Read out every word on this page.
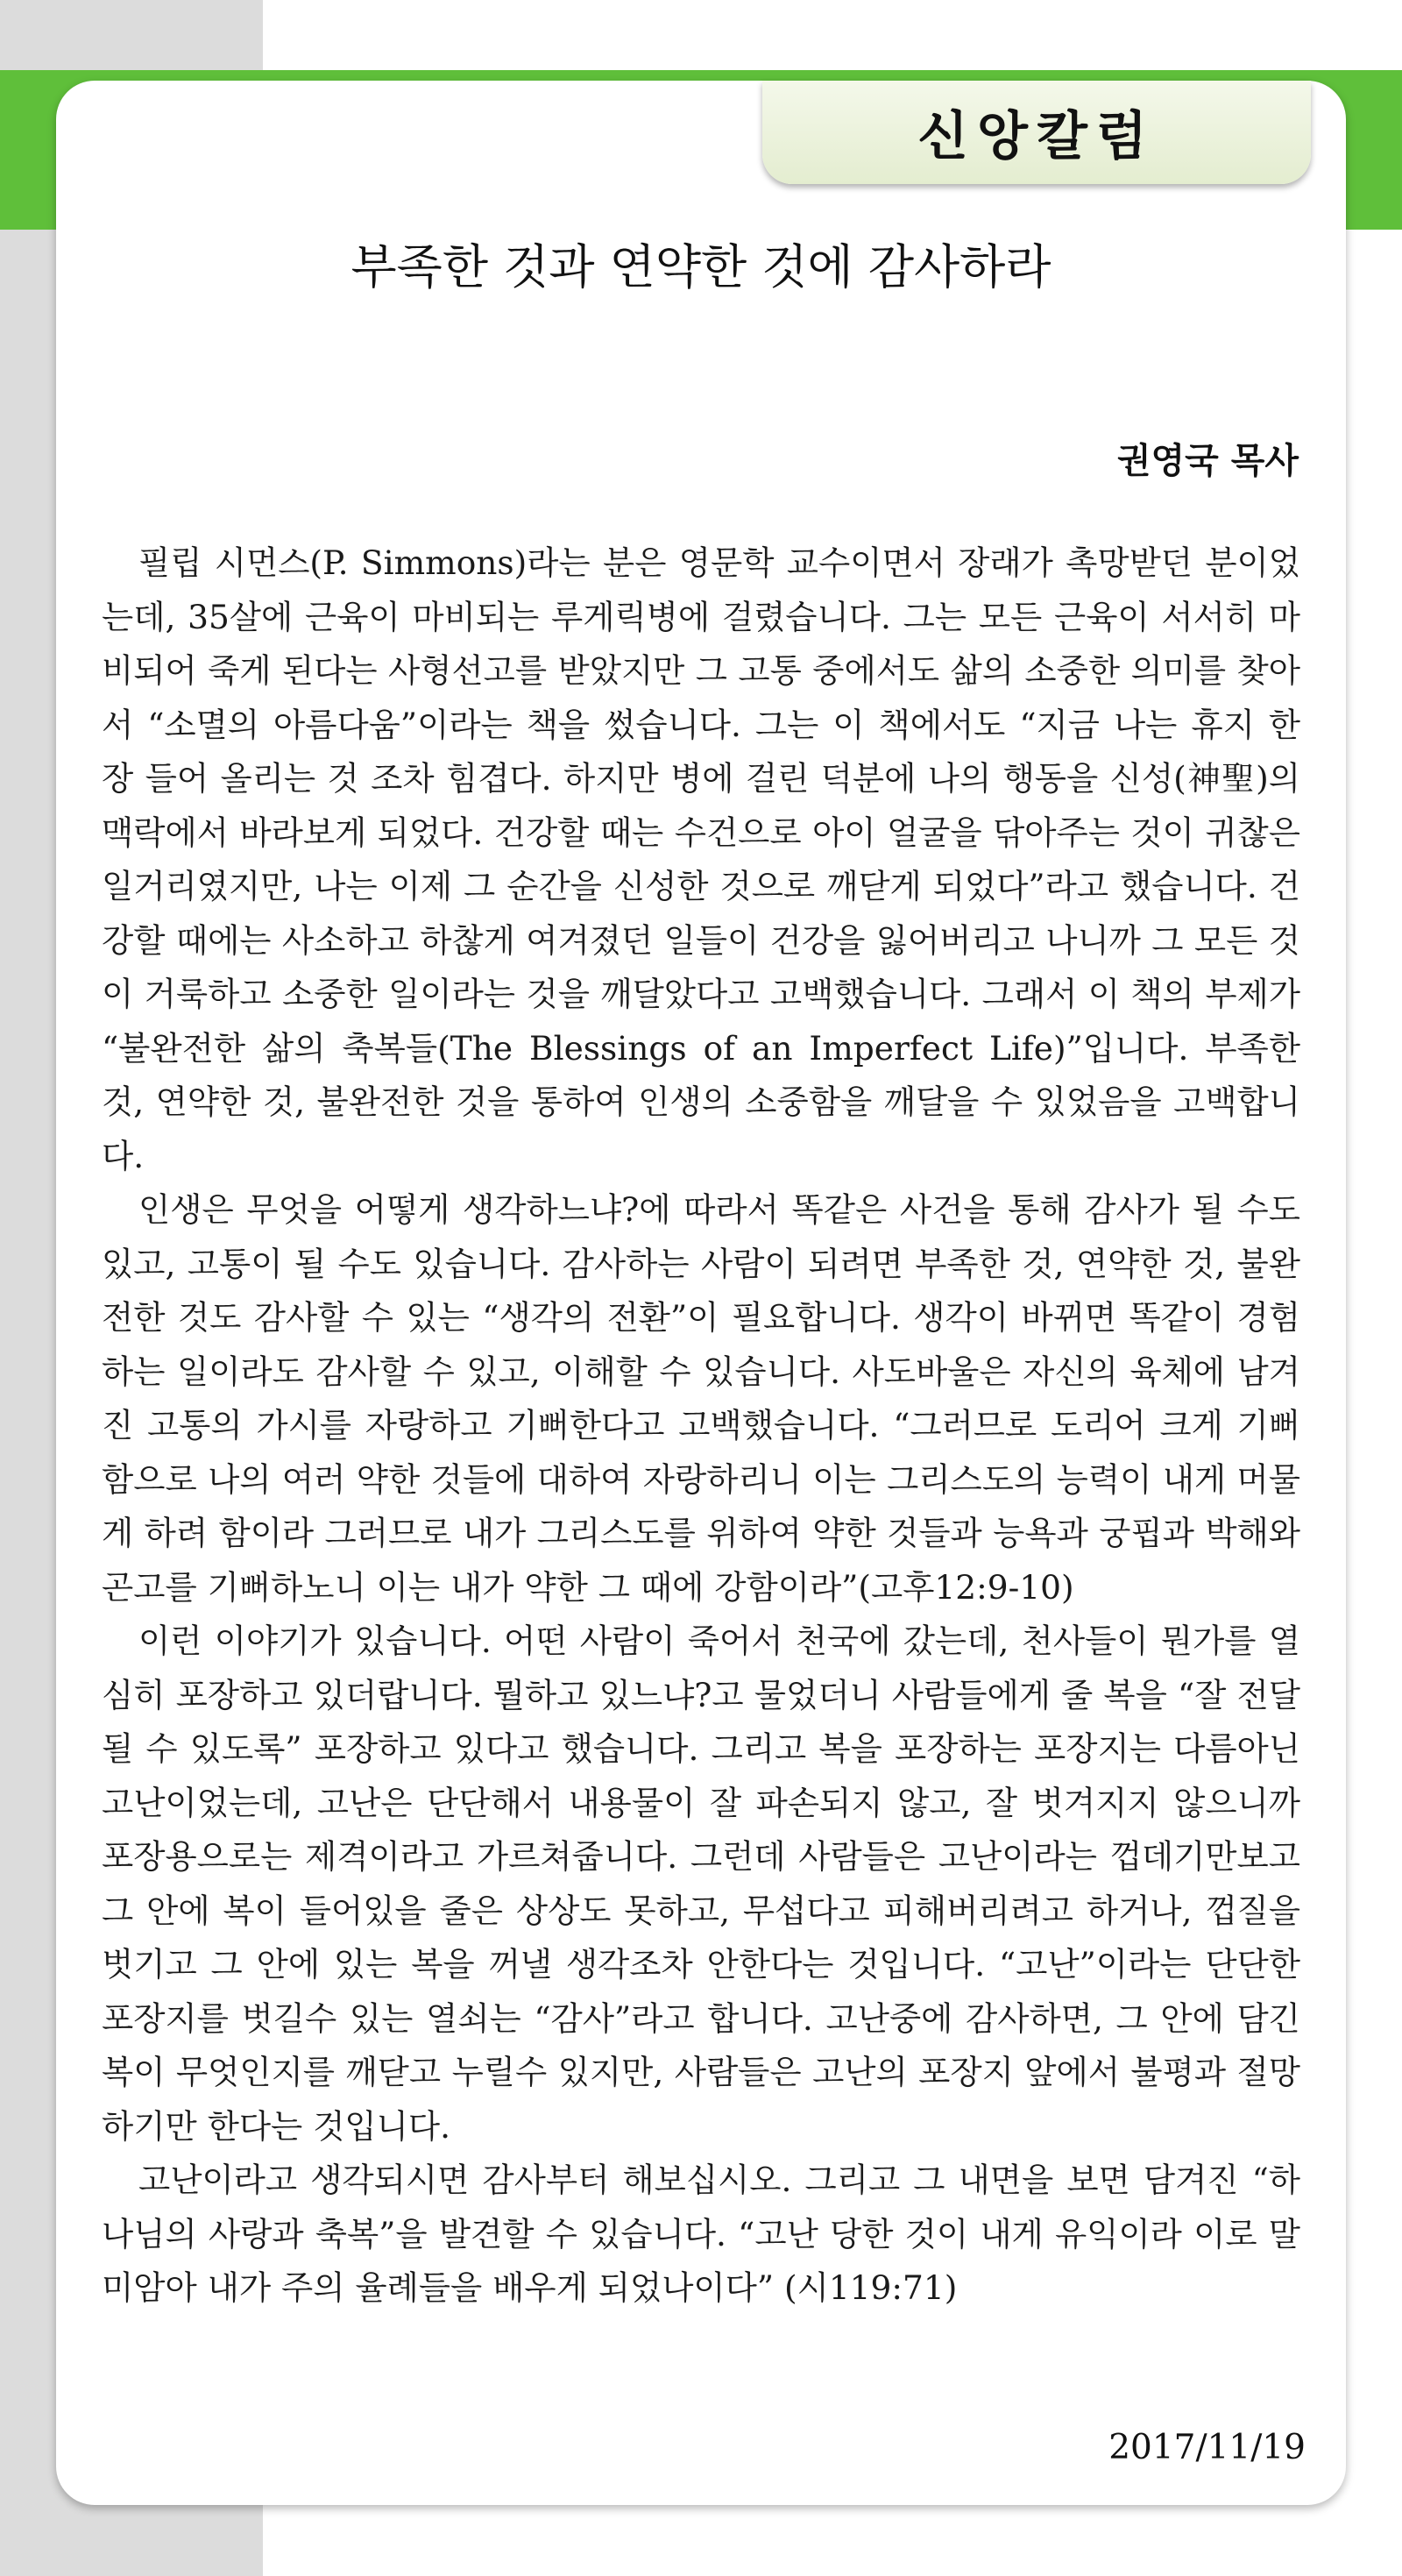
신앙칼럼
부족한 것과 연약한 것에 감사하라
권영국 목사

필립 시먼스(P. Simmons)라는 분은 영문학 교수이면서 장래가 촉망받던 분이었는데, 35살에 근육이 마비되는 루게릭병에 걸렸습니다. 그는 모든 근육이 서서히 마비되어 죽게 된다는 사형선고를 받았지만 그 고통 중에서도 삶의 소중한 의미를 찾아서 “소멸의 아름다움”이라는 책을 썼습니다. 그는 이 책에서도 “지금 나는 휴지 한 장 들어 올리는 것 조차 힘겹다. 하지만 병에 걸린 덕분에 나의 행동을 신성(神聖)의 맥락에서 바라보게 되었다. 건강할 때는 수건으로 아이 얼굴을 닦아주는 것이 귀찮은 일거리였지만, 나는 이제 그 순간을 신성한 것으로 깨닫게 되었다”라고 했습니다. 건강할 때에는 사소하고 하찮게 여겨졌던 일들이 건강을 잃어버리고 나니까 그 모든 것이 거룩하고 소중한 일이라는 것을 깨달았다고 고백했습니다. 그래서 이 책의 부제가 “불완전한 삶의 축복들(The Blessings of an Imperfect Life)”입니다. 부족한 것, 연약한 것, 불완전한 것을 통하여 인생의 소중함을 깨달을 수 있었음을 고백합니다.

인생은 무엇을 어떻게 생각하느냐?에 따라서 똑같은 사건을 통해 감사가 될 수도 있고, 고통이 될 수도 있습니다. 감사하는 사람이 되려면 부족한 것, 연약한 것, 불완전한 것도 감사할 수 있는 “생각의 전환”이 필요합니다. 생각이 바뀌면 똑같이 경험하는 일이라도 감사할 수 있고, 이해할 수 있습니다. 사도바울은 자신의 육체에 남겨진 고통의 가시를 자랑하고 기뻐한다고 고백했습니다. “그러므로 도리어 크게 기뻐함으로 나의 여러 약한 것들에 대하여 자랑하리니 이는 그리스도의 능력이 내게 머물게 하려 함이라 그러므로 내가 그리스도를 위하여 약한 것들과 능욕과 궁핍과 박해와 곤고를 기뻐하노니 이는 내가 약한 그 때에 강함이라”(고후12:9-10)

이런 이야기가 있습니다. 어떤 사람이 죽어서 천국에 갔는데, 천사들이 뭔가를 열심히 포장하고 있더랍니다. 뭘하고 있느냐?고 물었더니 사람들에게 줄 복을 “잘 전달될 수 있도록” 포장하고 있다고 했습니다. 그리고 복을 포장하는 포장지는 다름아닌 고난이었는데, 고난은 단단해서 내용물이 잘 파손되지 않고, 잘 벗겨지지 않으니까 포장용으로는 제격이라고 가르쳐줍니다. 그런데 사람들은 고난이라는 껍데기만보고 그 안에 복이 들어있을 줄은 상상도 못하고, 무섭다고 피해버리려고 하거나, 껍질을 벗기고 그 안에 있는 복을 꺼낼 생각조차 안한다는 것입니다. “고난”이라는 단단한 포장지를 벗길수 있는 열쇠는 “감사”라고 합니다. 고난중에 감사하면, 그 안에 담긴 복이 무엇인지를 깨닫고 누릴수 있지만, 사람들은 고난의 포장지 앞에서 불평과 절망하기만 한다는 것입니다.

고난이라고 생각되시면 감사부터 해보십시오. 그리고 그 내면을 보면 담겨진 “하나님의 사랑과 축복”을 발견할 수 있습니다. “고난 당한 것이 내게 유익이라 이로 말미암아 내가 주의 율례들을 배우게 되었나이다” (시119:71)

2017/11/19
